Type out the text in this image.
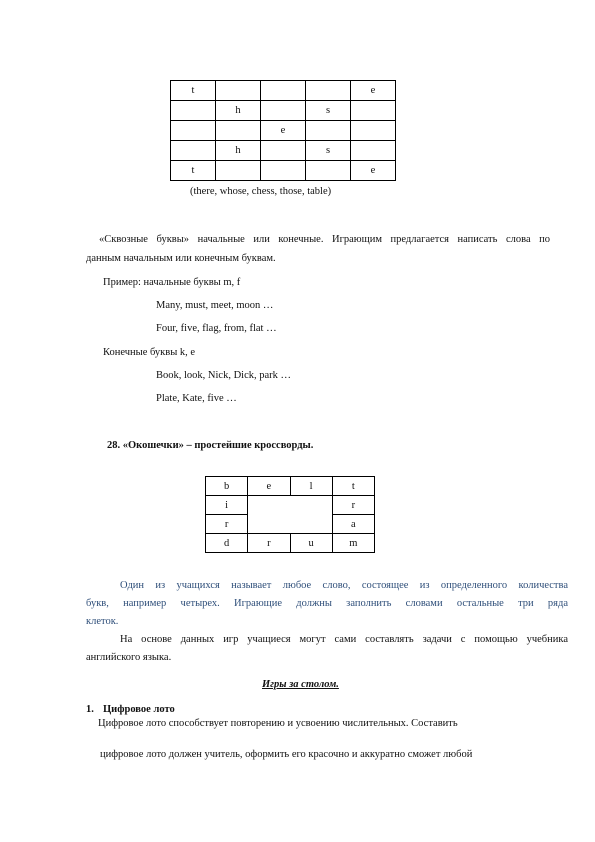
t				e
	h		s	
		e		
	h		s	
t				e
(there, whose, chess, those, table)
«Сквозные буквы» начальные или конечные. Играющим предлагается написать слова по
данным начальным или конечным буквам.
Пример: начальные буквы m, f
Many, must, meet, moon …
Four, five, flag, from, flat …
Конечные буквы k, e
Book, look, Nick, Dick, park …
Plate, Kate, five …
28. «Окошечки» – простейшие кроссворды.
b	e	l	t
i			r
r			a
d	r	u	m
Один из учащихся называет любое слово, состоящее из определенного количества
букв, например четырех. Играющие должны заполнить словами остальные три ряда
клеток.
На основе данных игр учащиеся могут сами составлять задачи с помощью учебника
английского языка.
Игры за столом.
1. Цифровое лото
Цифровое лото способствует повторению и усвоению числительных. Составить
цифровое лото должен учитель, оформить его красочно и аккуратно сможет любой
